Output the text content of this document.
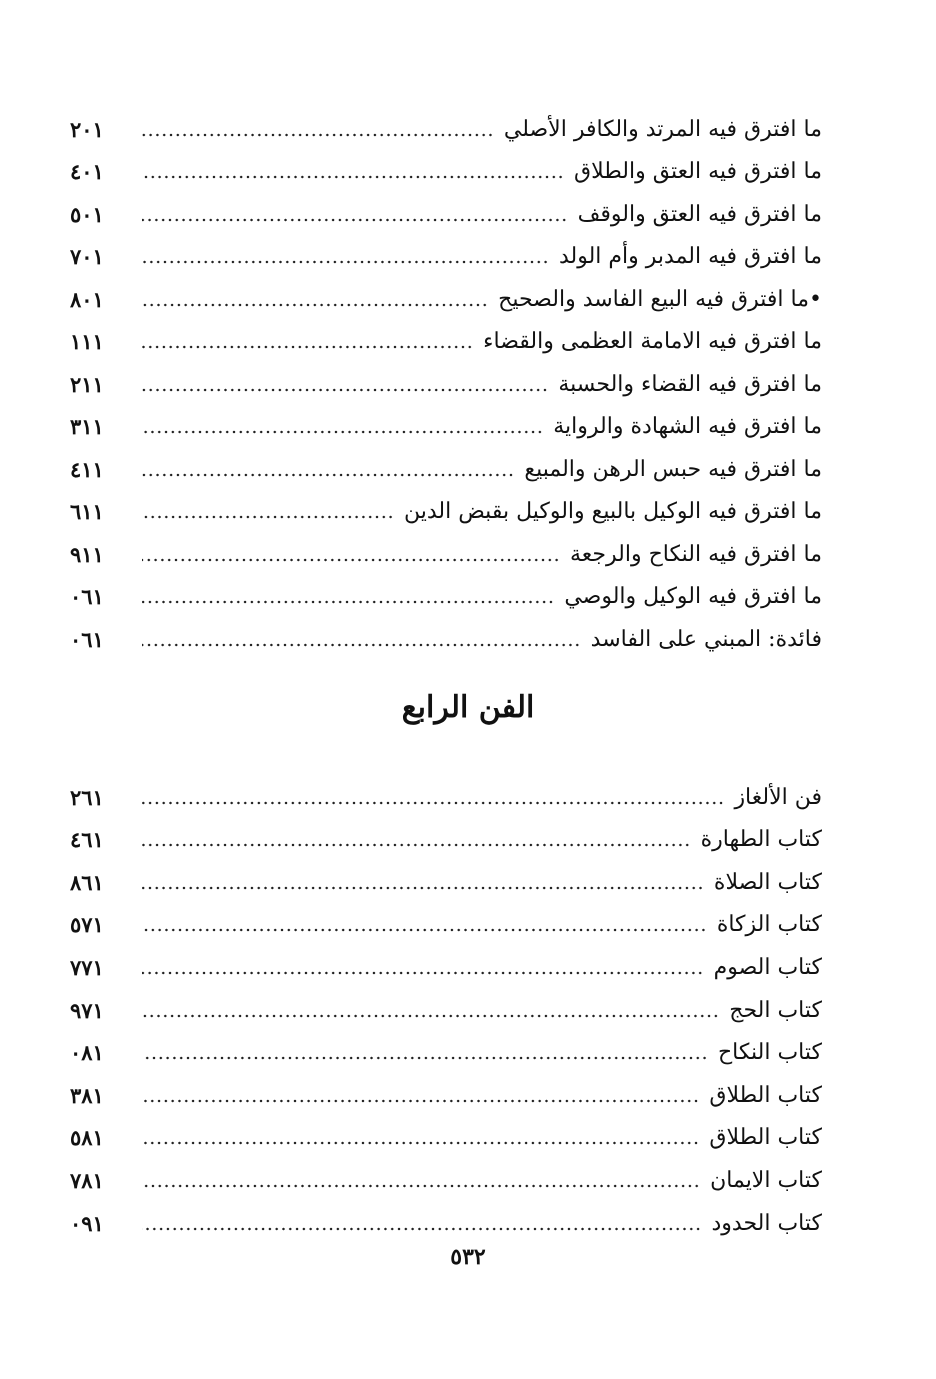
ما افترق فيه المرتد والكافر الأصلي
١٠٢
ما افترق فيه العتق والطلاق
١٠٤
ما افترق فيه العتق والوقف
١٠٥
ما افترق فيه المدبر وأم الولد
١٠٧
•ما افترق فيه البيع الفاسد والصحيح
١٠٨
ما افترق فيه الامامة العظمى والقضاء
١١١
ما افترق فيه القضاء والحسبة
١١٢
ما افترق فيه الشهادة والرواية
١١٣
ما افترق فيه حبس الرهن والمبيع
١١٤
ما افترق فيه الوكيل بالبيع والوكيل بقبض الدين
١١٦
ما افترق فيه النكاح والرجعة
١١٩
ما افترق فيه الوكيل والوصي
١٦٠
فائدة: المبني على الفاسد
١٦٠
الفن الرابع
فن الألغاز
١٦٢
كتاب الطهارة
١٦٤
كتاب الصلاة
١٦٨
كتاب الزكاة
١٧٥
كتاب الصوم
١٧٧
كتاب الحج
١٧٩
كتاب النكاح
١٨٠
كتاب الطلاق
١٨٣
كتاب الطلاق
١٨٥
كتاب الايمان
١٨٧
كتاب الحدود
١٩٠
٥٣٢
